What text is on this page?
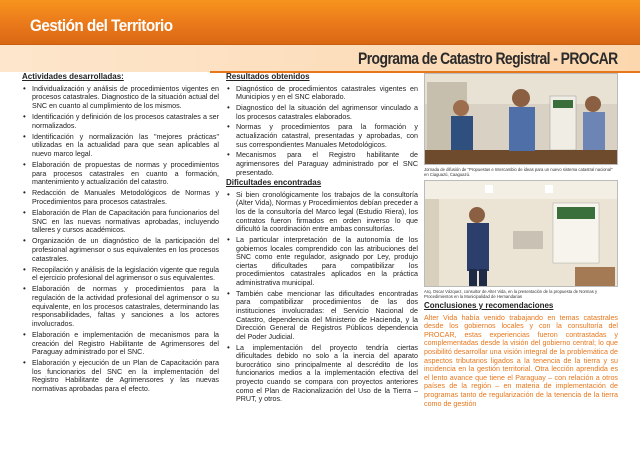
Gestión del Territorio
Programa de Catastro Registral - PROCAR
Actividades desarrolladas:
• Individualización y análisis de procedimientos vigentes en procesos catastrales. Diagnostico de la situación actual del SNC en cuanto al cumplimiento de los mismos.
• Identificación y definición de los procesos catastrales a ser normalizados.
• Identificación y normalización las "mejores prácticas" utilizadas en la actualidad para que sean aplicables al nuevo marco legal.
• Elaboración de propuestas de normas y procedimientos para procesos catastrales en cuanto a formación, mantenimiento y actualización del catastro.
• Redacción de Manuales Metodológicos de Normas y Procedimientos para procesos catastrales.
• Elaboración de Plan de Capacitación para funcionarios del SNC en las nuevas normativas aprobadas, incluyendo talleres y cursos académicos.
• Organización de un diagnóstico de la participación del profesional agrimensor o sus equivalentes en los procesos catastrales.
• Recopilación y análisis de la legislación vigente que regula el ejercicio profesional del agrimensor o sus equivalentes.
• Elaboración de normas y procedimientos para la regulación de la actividad profesional del agrimensor o su equivalente, en los procesos catastrales, determinando las responsabilidades, faltas y sanciones a los actores involucrados.
• Elaboración e implementación de mecanismos para la creación del Registro Habilitante de Agrimensores del Paraguay administrado por el SNC.
• Elaboración y ejecución de un Plan de Capacitación para los funcionarios del SNC en la implementación del Registro Habilitante de Agrimensores y las nuevas normativas aprobadas para el efecto.
Resultados obtenidos
• Diagnóstico de procedimientos catastrales vigentes en Municipios y en el SNC elaborado.
• Diagnostico del la situación del agrimensor vinculado a los procesos catastrales elaborados.
• Normas y procedimientos para la formación y actualización catastral, presentadas y aprobadas, con sus correspondientes Manuales Metodológicos.
• Mecanismos para el Registro habilitante de agrimensores del Paraguay administrado por el SNC presentado.
Dificultades encontradas
• Si bien cronológicamente los trabajos de la consultoría (Alter Vida), Normas y Procedimientos debían preceder a los de la consultoría del Marco legal (Estudio Riera), los contratos fueron firmados en orden inverso lo que dificultó la coordinación entre ambas consultorías.
• La particular interpretación de la autonomía de los gobiernos locales comprendido con las atribuciones del SNC como ente regulador, asignado por Ley, produjo ciertas dificultades para compatibilizar los procedimientos catastrales aplicados en la práctica administrativa municipal.
• También cabe mencionar las dificultades encontradas para compatibilizar procedimientos de las dos instituciones involucradas: el Servicio Nacional de Catastro, dependencia del Ministerio de Hacienda, y la Dirección General de Registros Públicos dependencia del Poder Judicial.
• La implementación del proyecto tendría ciertas dificultades debido no solo a la inercia del aparato burocrático sino principalmente al descrédito de los funcionarios medios a la implementación efectiva del proyecto cuando se compara con proyectos anteriores como el Plan de Racionalización del Uso de la Tierra – PRUT, y otros.
Jornada de difusión de "Propuestas e Intercambio de ideas para un nuevo sistema catastral nacional" en Ciaguazú, Caaguazú.
Arq. Oscar Vázquez, consultor de Alter Vida, en la presentación de la propuesta de Normas y Procedimientos en la Municipalidad de Hernandarias
Conclusiones y recomendaciones
Alter Vida había venido trabajando en temas catastrales desde los gobiernos locales y con la consultoría del PROCAR, estas experiencias fueron contrastadas y complementadas desde la visión del gobierno central; lo que posibilitó desarrollar una visión integral de la problemática de aspectos tributarios ligados a la tenencia de la tierra y su incidencia en la gestión territorial. Otra lección aprendida es el lento avance que tiene el Paraguay – con relación a otros países de la región – en materia de implementación de programas tanto de regularización de la tenencia de la tierra como de gestión
